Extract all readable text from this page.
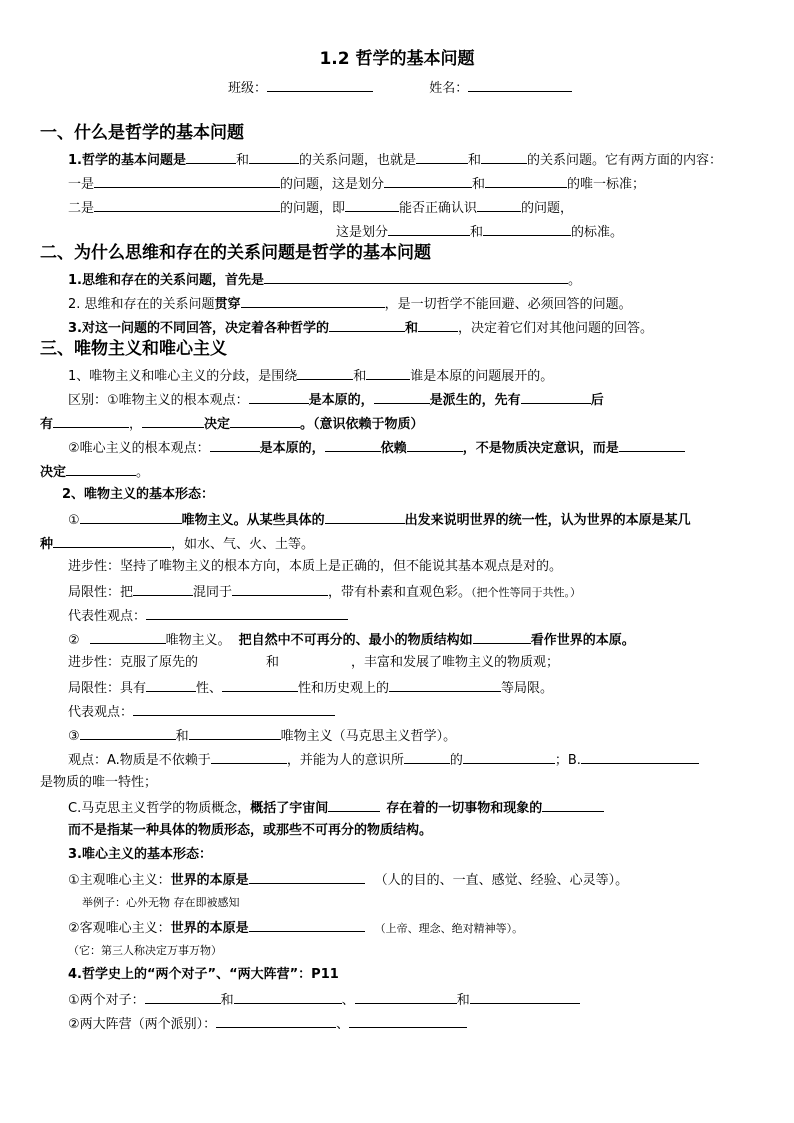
1.2 哲学的基本问题
班级：	姓名：
一、什么是哲学的基本问题
1.哲学的基本问题是	和	的关系问题，也就是	和	的关系问题。它有两方面的内容：
一是	的问题，这是划分	和	的唯一标准；
二是	的问题，即	能否正确认识	的问题，
这是划分	和	的标准。
二、为什么思维和存在的关系问题是哲学的基本问题
1.思维和存在的关系问题，首先是	。
2. 思维和存在的关系问题贯穿	，是一切哲学不能回避、必须回答的问题。
3.对这一问题的不同回答，决定着各种哲学的	和	，决定着它们对其他问题的回答。
三、唯物主义和唯心主义
1、唯物主义和唯心主义的分歧，是围绕	和	谁是本原的问题展开的。
区别：①唯物主义的根本观点：	是本原的，	是派生的，先有	后
有	，	决定	。（意识依赖于物质）
②唯心主义的根本观点：	是本原的，	依赖	，不是物质决定意识，而是
决定	。
2、唯物主义的基本形态：
①	唯物主义。从某些具体的	出发来说明世界的统一性，认为世界的本原是某几
种	，如水、气、火、土等。
进步性：坚持了唯物主义的根本方向，本质上是正确的，但不能说其基本观点是对的。
局限性：把	混同于	，带有朴素和直观色彩。（把个性等同于共性。）
代表性观点：
②	唯物主义。 把自然中不可再分的、最小的物质结构如	看作世界的本原。
进步性：克服了原先的	和	，丰富和发展了唯物主义的物质观；
局限性：具有	性、	性和历史观上的	等局限。
代表观点：
③	和	唯物主义（马克思主义哲学）。
观点：A.物质是不依赖于	，并能为人的意识所	的	；B.
是物质的唯一特性；
C.马克思主义哲学的物质概念，概括了宇宙间	存在着的一切事物和现象的
而不是指某一种具体的物质形态，或那些不可再分的物质结构。
3.唯心主义的基本形态：
①主观唯心主义：世界的本原是	（人的目的、一直、感觉、经验、心灵等）。
举例子：心外无物 存在即被感知
②客观唯心主义：世界的本原是	（上帝、理念、绝对精神等）。
（它：第三人称决定万事万物）
4.哲学史上的“两个对子”、“两大阵营”：P11
①两个对子：	和	、	和
②两大阵营（两个派别）：	、
